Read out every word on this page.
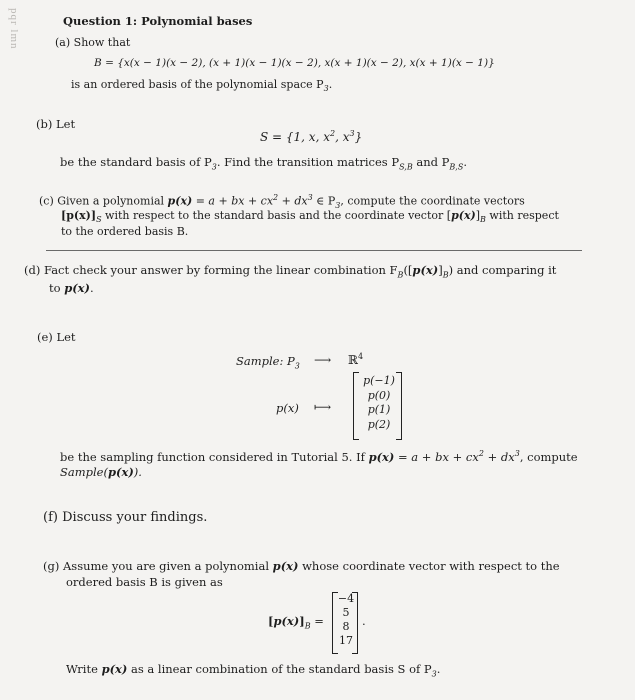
pqr lmn	Question 1: Polynomial bases
(a) Show that
B = {x(x − 1)(x − 2), (x + 1)(x − 1)(x − 2), x(x + 1)(x − 2), x(x + 1)(x − 1)}
is an ordered basis of the polynomial space $P_3$.
(b) Let
S = {1, x, $x^2$, $x^3$}
be the standard basis of $P_3$. Find the transition matrices $P_{S,B}$ and $P_{B,S}$.
(c) Given a polynomial p(x) = a + bx + $cx^2 + dx^3$ ∈ $P_3$, compute the coordinate vectors
$[p(x)]_S$ with respect to the standard basis and the coordinate vector $[p(x)]_B$ with respect
to the ordered basis B.
(d) Fact check your answer by forming the linear combination $F_B([p(x)]_B)$ and comparing it
to p(x).
(e) Let
Sample: $P_3$ ⟶ ℝ$^4$
p(x) ⟼
p(−1)
p(0)
p(1)
p(2)
be the sampling function considered in Tutorial 5. If p(x) = a + bx + $cx^2 + dx^3$, compute
Sample(p(x)).
(f) Discuss your findings.
(g) Assume you are given a polynomial p(x) whose coordinate vector with respect to the
ordered basis B is given as
$[p(x)]_B$ =
−4
5
8
17
.
Write p(x) as a linear combination of the standard basis S of $P_3$.
